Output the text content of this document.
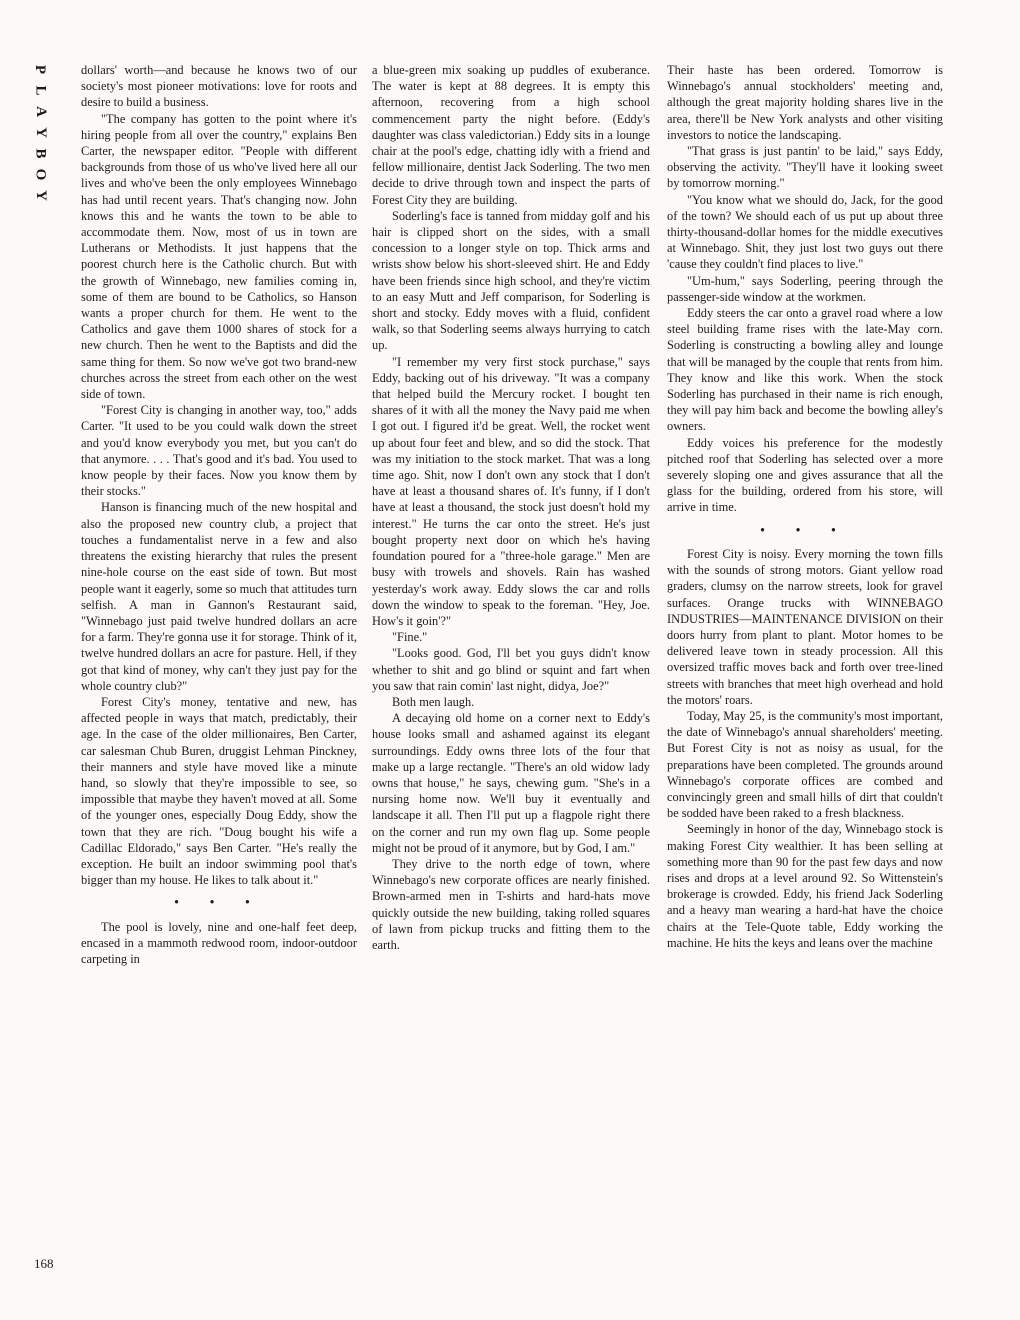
P
L
A
Y
B
O
Y
168

dollars' worth—and because he knows two of our society's most pioneer motivations: love for roots and desire to build a business.

"The company has gotten to the point where it's hiring people from all over the country," explains Ben Carter, the newspaper editor. "People with different backgrounds from those of us who've lived here all our lives and who've been the only employees Winnebago has had until recent years. That's changing now. John knows this and he wants the town to be able to accommodate them. Now, most of us in town are Lutherans or Methodists. It just happens that the poorest church here is the Catholic church. But with the growth of Winnebago, new families coming in, some of them are bound to be Catholics, so Hanson wants a proper church for them. He went to the Catholics and gave them 1000 shares of stock for a new church. Then he went to the Baptists and did the same thing for them. So now we've got two brand-new churches across the street from each other on the west side of town.

"Forest City is changing in another way, too," adds Carter. "It used to be you could walk down the street and you'd know everybody you met, but you can't do that anymore. . . . That's good and it's bad. You used to know people by their faces. Now you know them by their stocks."

Hanson is financing much of the new hospital and also the proposed new country club, a project that touches a fundamentalist nerve in a few and also threatens the existing hierarchy that rules the present nine-hole course on the east side of town. But most people want it eagerly, some so much that attitudes turn selfish. A man in Gannon's Restaurant said, "Winnebago just paid twelve hundred dollars an acre for a farm. They're gonna use it for storage. Think of it, twelve hundred dollars an acre for pasture. Hell, if they got that kind of money, why can't they just pay for the whole country club?"

Forest City's money, tentative and new, has affected people in ways that match, predictably, their age. In the case of the older millionaires, Ben Carter, car salesman Chub Buren, druggist Lehman Pinckney, their manners and style have moved like a minute hand, so slowly that they're impossible to see, so impossible that maybe they haven't moved at all. Some of the younger ones, especially Doug Eddy, show the town that they are rich. "Doug bought his wife a Cadillac Eldorado," says Ben Carter. "He's really the exception. He built an indoor swimming pool that's bigger than my house. He likes to talk about it."

• • •

The pool is lovely, nine and one-half feet deep, encased in a mammoth redwood room, indoor-outdoor carpeting in

a blue-green mix soaking up puddles of exuberance. The water is kept at 88 degrees. It is empty this afternoon, recovering from a high school commencement party the night before. (Eddy's daughter was class valedictorian.) Eddy sits in a lounge chair at the pool's edge, chatting idly with a friend and fellow millionaire, dentist Jack Soderling. The two men decide to drive through town and inspect the parts of Forest City they are building.

Soderling's face is tanned from midday golf and his hair is clipped short on the sides, with a small concession to a longer style on top. Thick arms and wrists show below his short-sleeved shirt. He and Eddy have been friends since high school, and they're victim to an easy Mutt and Jeff comparison, for Soderling is short and stocky. Eddy moves with a fluid, confident walk, so that Soderling seems always hurrying to catch up.

"I remember my very first stock purchase," says Eddy, backing out of his driveway. "It was a company that helped build the Mercury rocket. I bought ten shares of it with all the money the Navy paid me when I got out. I figured it'd be great. Well, the rocket went up about four feet and blew, and so did the stock. That was my initiation to the stock market. That was a long time ago. Shit, now I don't own any stock that I don't have at least a thousand shares of. It's funny, if I don't have at least a thousand, the stock just doesn't hold my interest." He turns the car onto the street. He's just bought property next door on which he's having foundation poured for a "three-hole garage." Men are busy with trowels and shovels. Rain has washed yesterday's work away. Eddy slows the car and rolls down the window to speak to the foreman. "Hey, Joe. How's it goin'?"

"Fine."

"Looks good. God, I'll bet you guys didn't know whether to shit and go blind or squint and fart when you saw that rain comin' last night, didya, Joe?"

Both men laugh.

A decaying old home on a corner next to Eddy's house looks small and ashamed against its elegant surroundings. Eddy owns three lots of the four that make up a large rectangle. "There's an old widow lady owns that house," he says, chewing gum. "She's in a nursing home now. We'll buy it eventually and landscape it all. Then I'll put up a flagpole right there on the corner and run my own flag up. Some people might not be proud of it anymore, but by God, I am."

They drive to the north edge of town, where Winnebago's new corporate offices are nearly finished. Brown-armed men in T-shirts and hard-hats move quickly outside the new building, taking rolled squares of lawn from pickup trucks and fitting them to the earth.

Their haste has been ordered. Tomorrow is Winnebago's annual stockholders' meeting and, although the great majority holding shares live in the area, there'll be New York analysts and other visiting investors to notice the landscaping.

"That grass is just pantin' to be laid," says Eddy, observing the activity. "They'll have it looking sweet by tomorrow morning."

"You know what we should do, Jack, for the good of the town? We should each of us put up about three thirty-thousand-dollar homes for the middle executives at Winnebago. Shit, they just lost two guys out there 'cause they couldn't find places to live."

"Um-hum," says Soderling, peering through the passenger-side window at the workmen.

Eddy steers the car onto a gravel road where a low steel building frame rises with the late-May corn. Soderling is constructing a bowling alley and lounge that will be managed by the couple that rents from him. They know and like this work. When the stock Soderling has purchased in their name is rich enough, they will pay him back and become the bowling alley's owners.

Eddy voices his preference for the modestly pitched roof that Soderling has selected over a more severely sloping one and gives assurance that all the glass for the building, ordered from his store, will arrive in time.

• • •

Forest City is noisy. Every morning the town fills with the sounds of strong motors. Giant yellow road graders, clumsy on the narrow streets, look for gravel surfaces. Orange trucks with WINNEBAGO INDUSTRIES—MAINTENANCE DIVISION on their doors hurry from plant to plant. Motor homes to be delivered leave town in steady procession. All this oversized traffic moves back and forth over tree-lined streets with branches that meet high overhead and hold the motors' roars.

Today, May 25, is the community's most important, the date of Winnebago's annual shareholders' meeting. But Forest City is not as noisy as usual, for the preparations have been completed. The grounds around Winnebago's corporate offices are combed and convincingly green and small hills of dirt that couldn't be sodded have been raked to a fresh blackness.

Seemingly in honor of the day, Winnebago stock is making Forest City wealthier. It has been selling at something more than 90 for the past few days and now rises and drops at a level around 92. So Wittenstein's brokerage is crowded. Eddy, his friend Jack Soderling and a heavy man wearing a hard-hat have the choice chairs at the Tele-Quote table, Eddy working the machine. He hits the keys and leans over the machine
